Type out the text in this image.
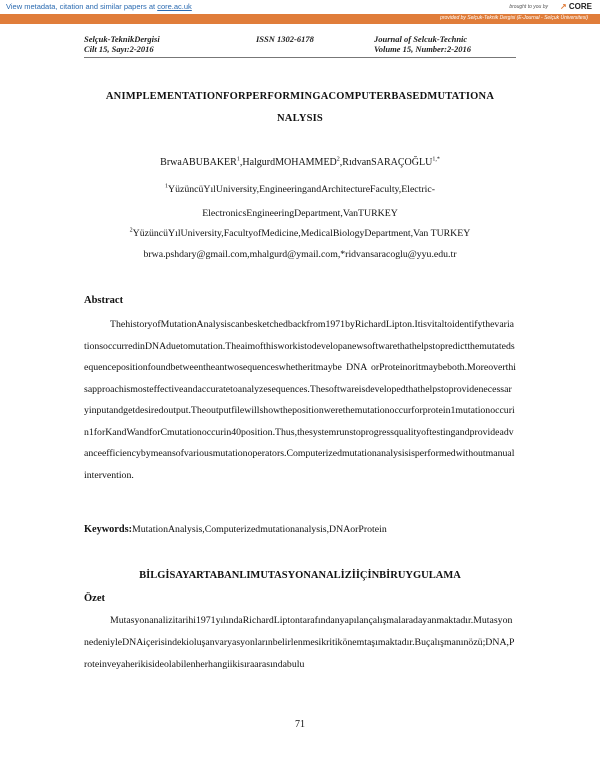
View metadata, citation and similar papers at core.ac.uk	brought to you by ↗ CORE
provided by Selçuk-Teknik Dergisi (E-Journal - Selçuk Üniversitesi)
Selçuk-TeknikDergisi
Cilt 15, Sayı:2-2016
ISSN 1302-6178	Journal of Selcuk-Technic
Volume 15, Number:2-2016
ANIMPLEMENTATIONFORPERFORMINGACOMPUTERBASEDMUTATIONA
NALYSIS
BrwaABUBAKER$^1$,HalgurdMOHAMMED$^2$,RıdvanSARAÇOĞLU$^{1,*}$
$^1$YüzüncüYılUniversity,EngineeringandArchitectureFaculty,Electric-ElectronicsEngineeringDepartment,VanTURKEY
$^2$YüzüncüYılUniversity,FacultyofMedicine,MedicalBiologyDepartment,Van TURKEY
brwa.pshdary@gmail.com,mhalgurd@ymail.com,*ridvansaracoglu@yyu.edu.tr
Abstract
ThehistoryofMutationAnalysiscanbesketchedbackfrom1971byRichardLipton.ItisvitaltoidentifythevariationsoccurredinDNAduetomutation.Theaimofthisworkistodevelopanewsoftwarethathelpstopredictthemutatedsequencepositionfoundbetweentheantwosequenceswhetheritmaybe DNA orProteinoritmaybeboth.Moreoverthisapproachismosteffectiveandaccuratetoanalyzesequences.Thesoftwareisdevelopedthathelpstoprovidenecessaryinputandgetdesiredoutput.Theoutputfilewillshowthepositionwerethemutationoccurforprotein1mutationoccurin1forKandWandforCmutationoccurin40position.Thus,thesystemrunstoprogressqualityoftestingandprovideadvanceefficiencybymeansofvariousmutationoperators.Computerizedmutationanalysisisperformedwithoutmanualintervention.
Keywords:MutationAnalysis,Computerizedmutationanalysis,DNAorProtein
BİLGİSAYARTABANLIMUTASYONANALİZİİÇİNBİRUYGULAMA
Özet
Mutasyonanalizitarihi1971yılındaRichardLiptontarafındanyapılançalışmalaradayanmaktadır.MutasyonnedeniyleDNAiçerisindekioluşanvaryasyonlarınbelirlenmesikritikönemtaşımaktadır.Buçalışmanınözü;DNA,Proteinveyaherikisideolabilenherhangiikisıraarasındabulu
71
